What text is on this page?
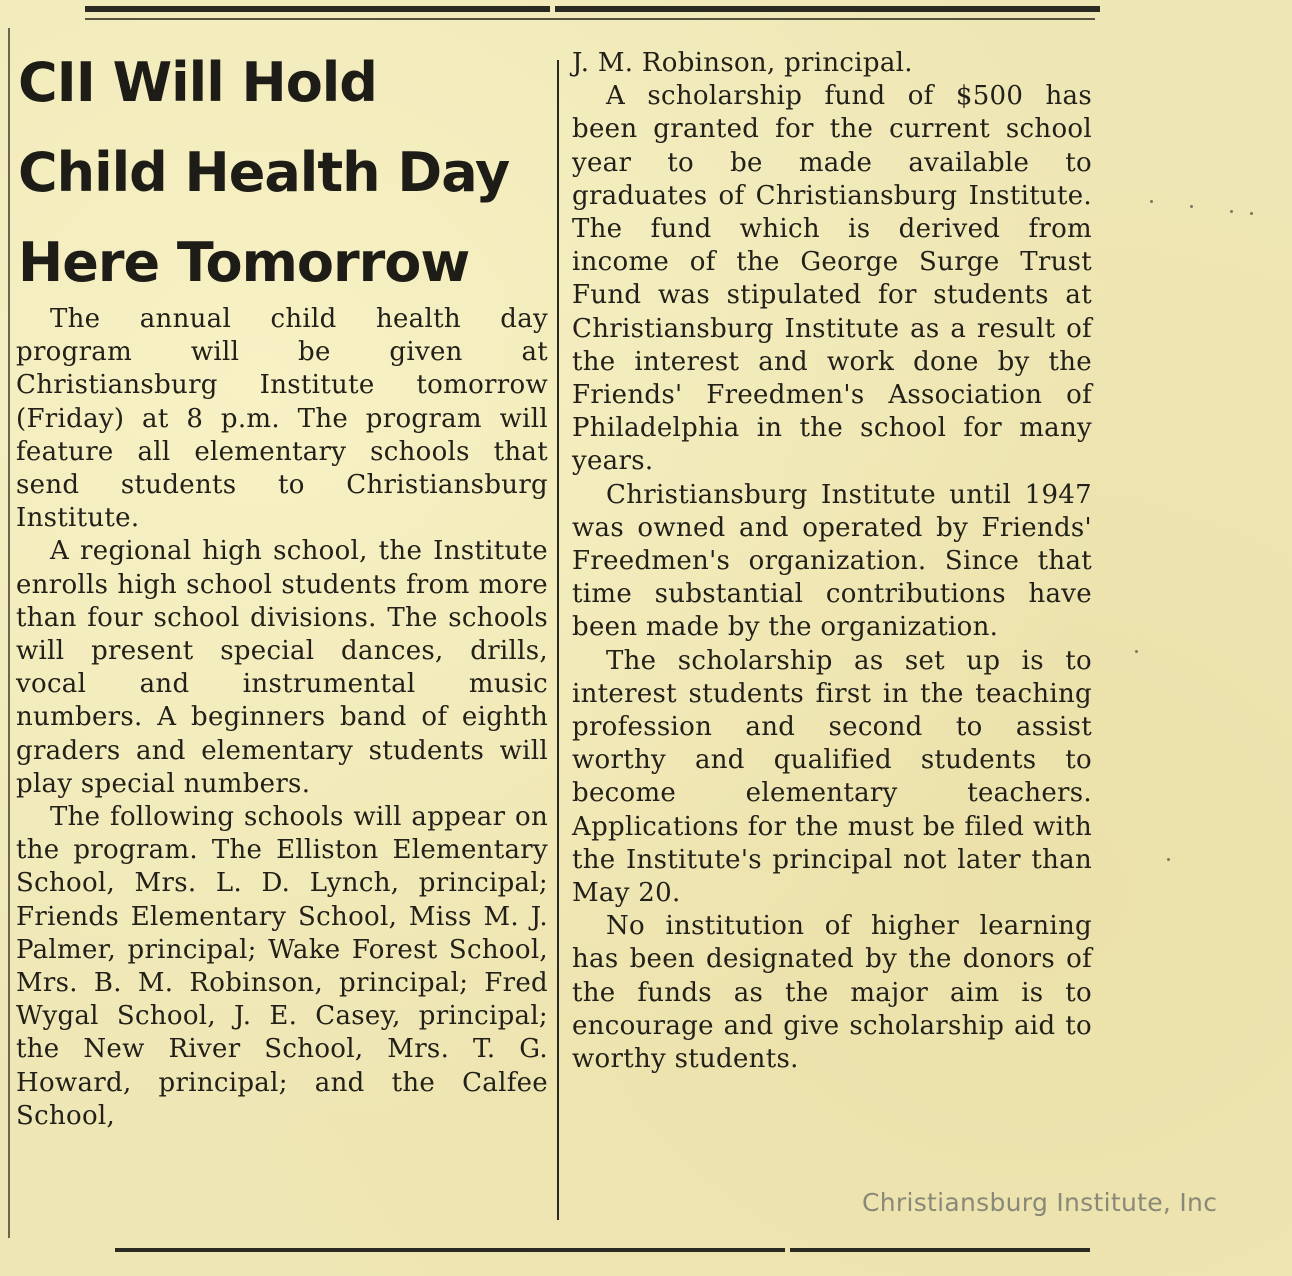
CII Will Hold
Child Health Day
Here Tomorrow

The annual child health day program will be given at Christiansburg Institute tomorrow (Friday) at 8 p.m. The program will feature all elementary schools that send students to Christiansburg Institute.

A regional high school, the Institute enrolls high school students from more than four school divisions. The schools will present special dances, drills, vocal and instrumental music numbers. A beginners band of eighth graders and elementary students will play special numbers.

The following schools will appear on the program. The Elliston Elementary School, Mrs. L. D. Lynch, principal; Friends Elementary School, Miss M. J. Palmer, principal; Wake Forest School, Mrs. B. M. Robinson, principal; Fred Wygal School, J. E. Casey, principal; the New River School, Mrs. T. G. Howard, principal; and the Calfee School,

J. M. Robinson, principal.

A scholarship fund of $500 has been granted for the current school year to be made available to graduates of Christiansburg Institute. The fund which is derived from income of the George Surge Trust Fund was stipulated for students at Christiansburg Institute as a result of the interest and work done by the Friends' Freedmen's Association of Philadelphia in the school for many years.

Christiansburg Institute until 1947 was owned and operated by Friends' Freedmen's organization. Since that time substantial contributions have been made by the organization.

The scholarship as set up is to interest students first in the teaching profession and second to assist worthy and qualified students to become elementary teachers. Applications for the must be filed with the Institute's principal not later than May 20.

No institution of higher learning has been designated by the donors of the funds as the major aim is to encourage and give scholarship aid to worthy students.

Christiansburg Institute, Inc
